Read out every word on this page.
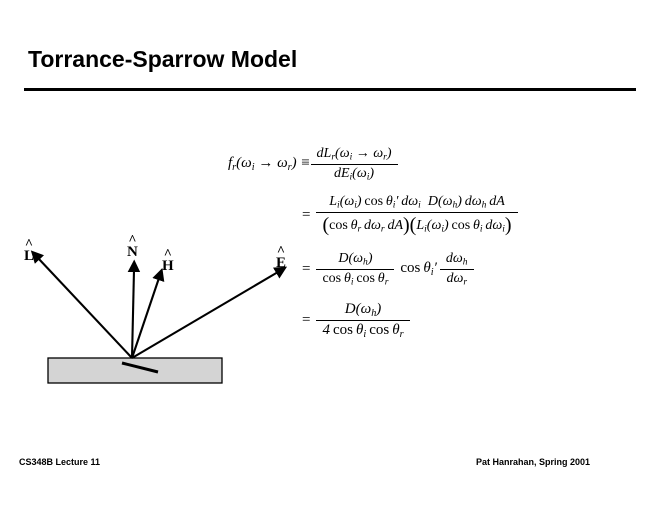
Torrance-Sparrow Model
^ L	^ N
^ H	^ E
$f_r(\omega_i \to \omega_r) \equiv \frac{dL_r(\omega_i \to \omega_r)}{dE_i(\omega_i)}$
= $\frac{L_i(\omega_i) \cos \theta_i' d\omega_i D(\omega_h) d\omega_h dA}{(\cos \theta_r d\omega_r dA)(L_i(\omega_i) \cos \theta_i d\omega_i)}$
= $\frac{D(\omega_h)}{\cos \theta_i \cos \theta_r}$ $\cos \theta_i' \frac{d\omega_h}{d\omega_r}$
= $\frac{D(\omega_h)}{4 \cos \theta_i \cos \theta_r}$
CS348B Lecture 11	Pat Hanrahan, Spring 2001
